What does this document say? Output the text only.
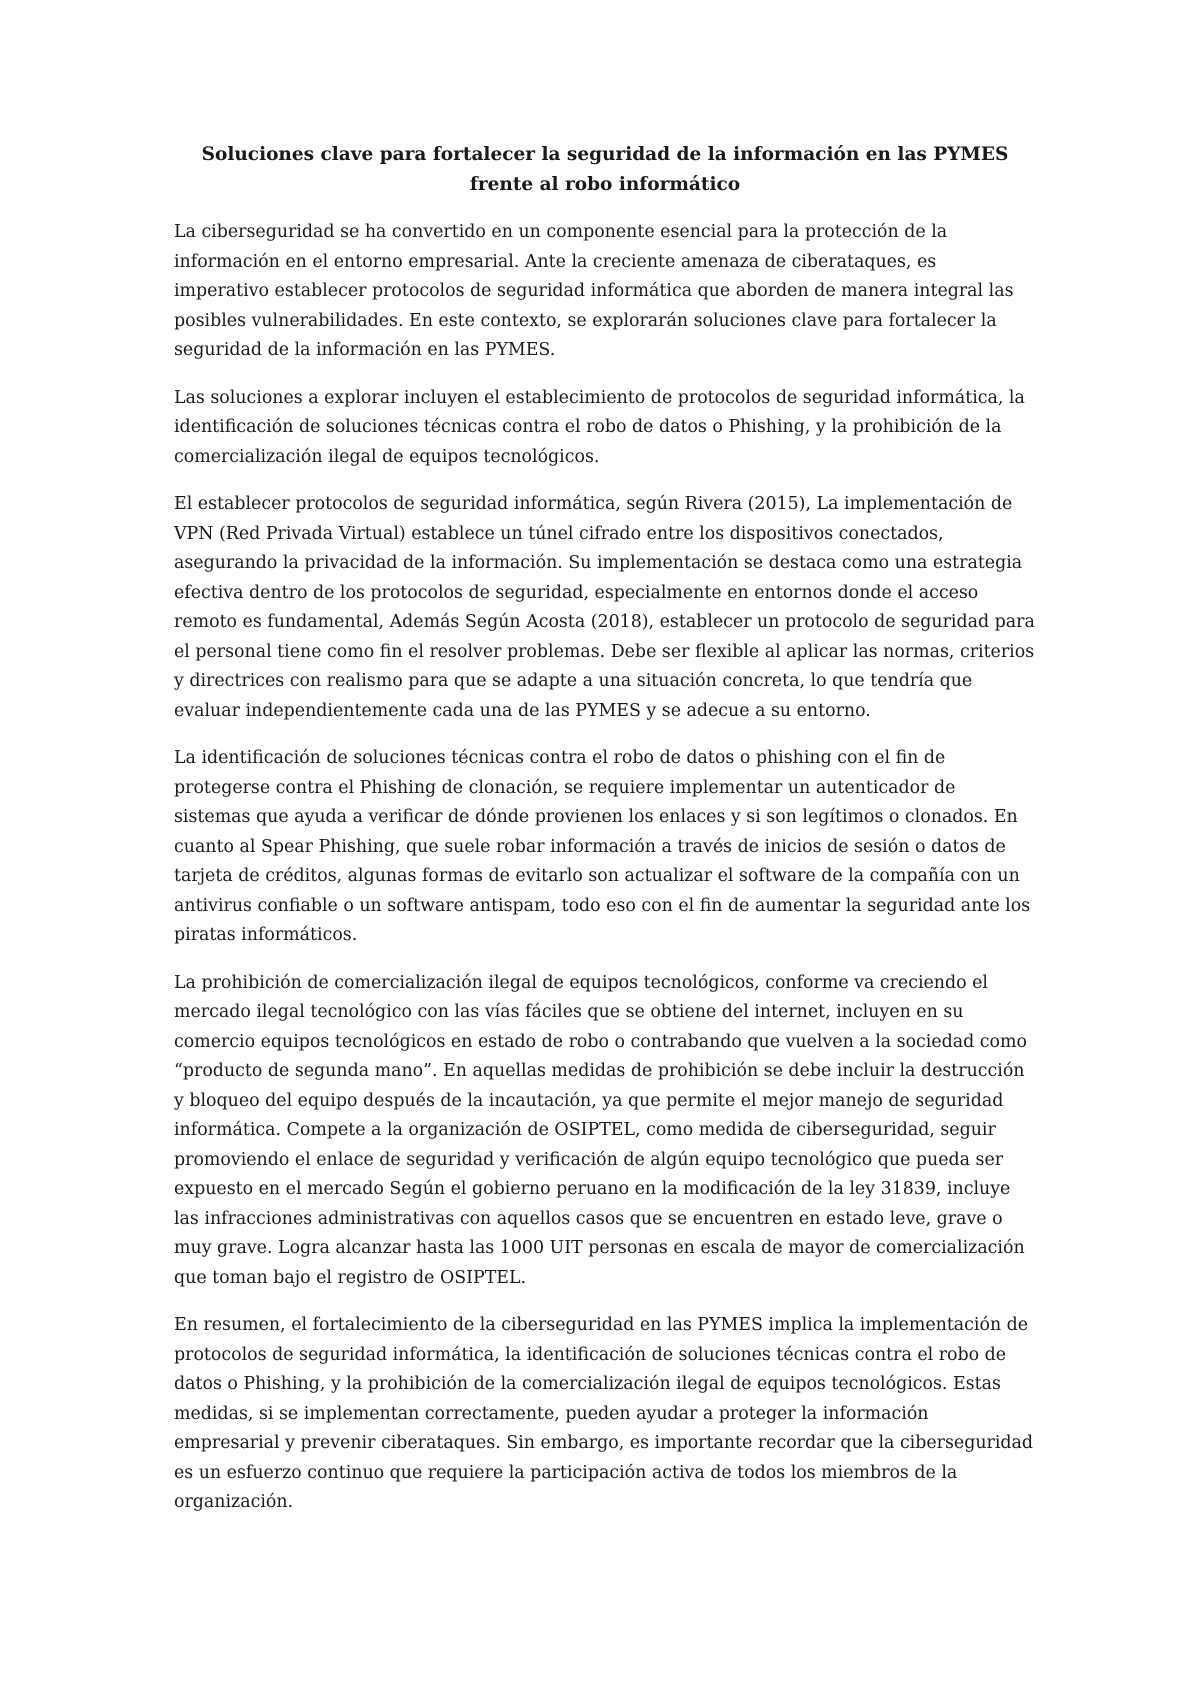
Soluciones clave para fortalecer la seguridad de la información en las PYMES frente al robo informático

La ciberseguridad se ha convertido en un componente esencial para la protección de la información en el entorno empresarial. Ante la creciente amenaza de ciberataques, es imperativo establecer protocolos de seguridad informática que aborden de manera integral las posibles vulnerabilidades. En este contexto, se explorarán soluciones clave para fortalecer la seguridad de la información en las PYMES.

Las soluciones a explorar incluyen el establecimiento de protocolos de seguridad informática, la identificación de soluciones técnicas contra el robo de datos o Phishing, y la prohibición de la comercialización ilegal de equipos tecnológicos.

El establecer protocolos de seguridad informática, según Rivera (2015), La implementación de VPN (Red Privada Virtual) establece un túnel cifrado entre los dispositivos conectados, asegurando la privacidad de la información. Su implementación se destaca como una estrategia efectiva dentro de los protocolos de seguridad, especialmente en entornos donde el acceso remoto es fundamental, Además Según Acosta (2018), establecer un protocolo de seguridad para el personal tiene como fin el resolver problemas. Debe ser flexible al aplicar las normas, criterios y directrices con realismo para que se adapte a una situación concreta, lo que tendría que evaluar independientemente cada una de las PYMES y se adecue a su entorno.

La identificación de soluciones técnicas contra el robo de datos o phishing con el fin de protegerse contra el Phishing de clonación, se requiere implementar un autenticador de sistemas que ayuda a verificar de dónde provienen los enlaces y si son legítimos o clonados. En cuanto al Spear Phishing, que suele robar información a través de inicios de sesión o datos de tarjeta de créditos, algunas formas de evitarlo son actualizar el software de la compañía con un antivirus confiable o un software antispam, todo eso con el fin de aumentar la seguridad ante los piratas informáticos.

La prohibición de comercialización ilegal de equipos tecnológicos, conforme va creciendo el mercado ilegal tecnológico con las vías fáciles que se obtiene del internet, incluyen en su comercio equipos tecnológicos en estado de robo o contrabando que vuelven a la sociedad como “producto de segunda mano”. En aquellas medidas de prohibición se debe incluir la destrucción y bloqueo del equipo después de la incautación, ya que permite el mejor manejo de seguridad informática. Compete a la organización de OSIPTEL, como medida de ciberseguridad, seguir promoviendo el enlace de seguridad y verificación de algún equipo tecnológico que pueda ser expuesto en el mercado Según el gobierno peruano en la modificación de la ley 31839, incluye las infracciones administrativas con aquellos casos que se encuentren en estado leve, grave o muy grave. Logra alcanzar hasta las 1000 UIT personas en escala de mayor de comercialización que toman bajo el registro de OSIPTEL.

En resumen, el fortalecimiento de la ciberseguridad en las PYMES implica la implementación de protocolos de seguridad informática, la identificación de soluciones técnicas contra el robo de datos o Phishing, y la prohibición de la comercialización ilegal de equipos tecnológicos. Estas medidas, si se implementan correctamente, pueden ayudar a proteger la información empresarial y prevenir ciberataques. Sin embargo, es importante recordar que la ciberseguridad es un esfuerzo continuo que requiere la participación activa de todos los miembros de la organización.
